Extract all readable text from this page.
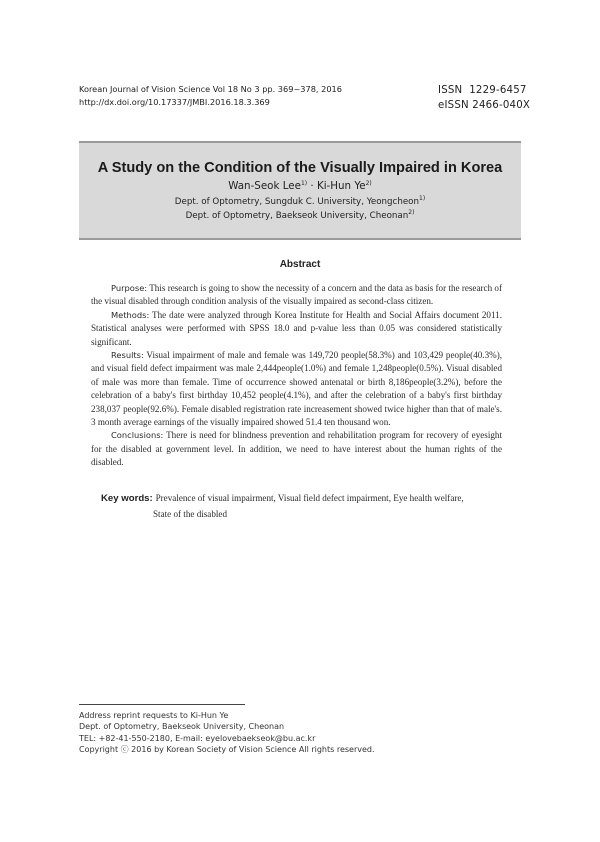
Korean Journal of Vision Science Vol 18 No 3 pp. 369~378, 2016
http://dx.doi.org/10.17337/JMBI.2016.18.3.369
ISSN  1229-6457
eISSN 2466-040X
A Study on the Condition of the Visually Impaired in Korea
Wan-Seok Lee$^{1)}$ · Ki-Hun Ye$^{2)}$
Dept. of Optometry, Sungduk C. University, Yeongcheon$^{1)}$
Dept. of Optometry, Baekseok University, Cheonan$^{2)}$
Abstract

Purpose: This research is going to show the necessity of a concern and the data as basis for the research of the visual disabled through condition analysis of the visually impaired as second-class citizen.

Methods: The date were analyzed through Korea Institute for Health and Social Affairs document 2011. Statistical analyses were performed with SPSS 18.0 and p-value less than 0.05 was considered statistically significant.

Results: Visual impairment of male and female was 149,720 people(58.3%) and 103,429 people(40.3%), and visual field defect impairment was male 2,444people(1.0%) and female 1,248people(0.5%). Visual disabled of male was more than female. Time of occurrence showed antenatal or birth 8,186people(3.2%), before the celebration of a baby's first birthday 10,452 people(4.1%), and after the celebration of a baby's first birthday 238,037 people(92.6%). Female disabled registration rate increasement showed twice higher than that of male's. 3 month average earnings of the visually impaired showed 51.4 ten thousand won.

Conclusions: There is need for blindness prevention and rehabilitation program for recovery of eyesight for the disabled at government level. In addition, we need to have interest about the human rights of the disabled.

Key words: Prevalence of visual impairment, Visual field defect impairment, Eye health welfare,
State of the disabled
Address reprint requests to Ki-Hun Ye
Dept. of Optometry, Baekseok University, Cheonan
TEL: +82-41-550-2180, E-mail: eyelovebaekseok@bu.ac.kr
Copyright ⓒ 2016 by Korean Society of Vision Science All rights reserved.
